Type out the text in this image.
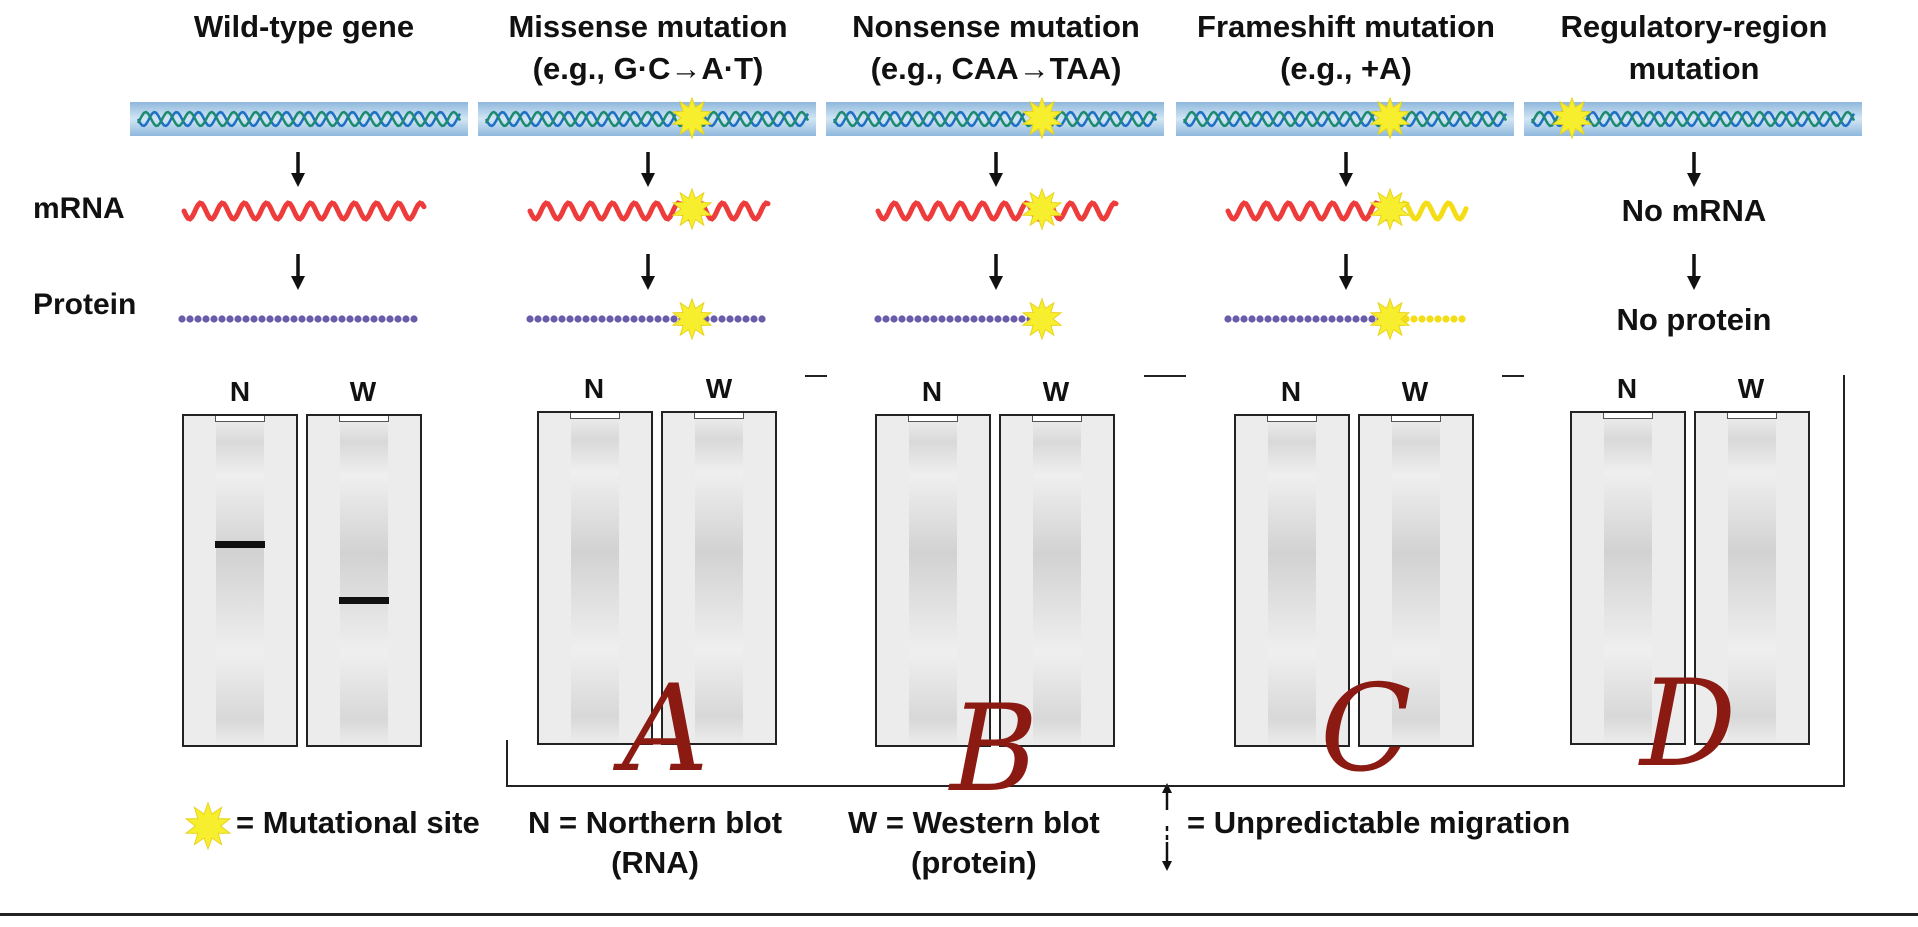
Wild-type gene	Missense mutation
(e.g., G·C→A·T)
Nonsense mutation
(e.g., CAA→TAA)
Frameshift mutation
(e.g., +A)
Regulatory-region
mutation
mRNA
Protein
No mRNA
No protein
N	W	N	W	N	W	N	W	N	W
A B C D
= Mutational site N = Northern blot
(RNA)
W = Western blot
(protein)
= Unpredictable migration
